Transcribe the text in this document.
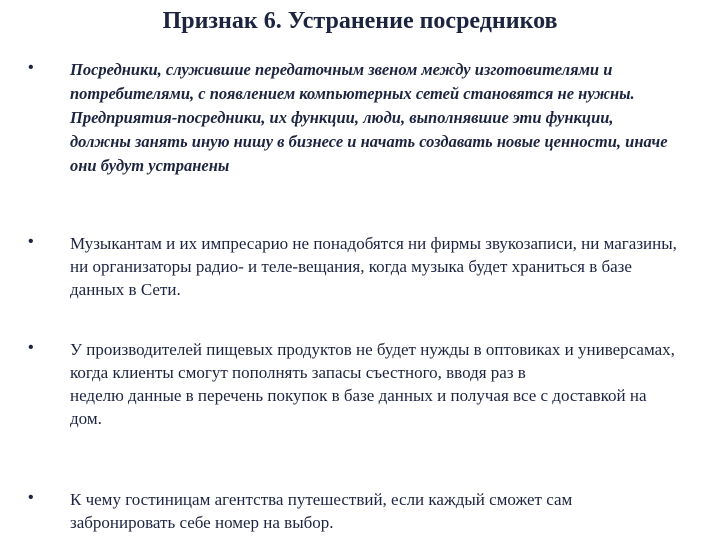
Признак 6. Устранение посредников
• Посредники, служившие передаточным звеном между изготовителями и потребителями, с появлением компьютерных сетей становятся не нужны. Предприятия-посредники, их функции, люди, выполнявшие эти функции, должны занять иную нишу в бизнесе и начать создавать новые ценности, иначе они будут устранены
• Музыкантам и их импресарио не понадобятся ни фирмы звукозаписи, ни магазины, ни организаторы радио- и теле-вещания, когда музыка будет храниться в базе данных в Сети.
• У производителей пищевых продуктов не будет нужды в оптовиках и универсамах, когда клиенты смогут пополнять запасы съестного, вводя раз в
неделю данные в перечень покупок в базе данных и получая все с доставкой на дом.
• К чему гостиницам агентства путешествий, если каждый сможет сам забронировать себе номер на выбор.
